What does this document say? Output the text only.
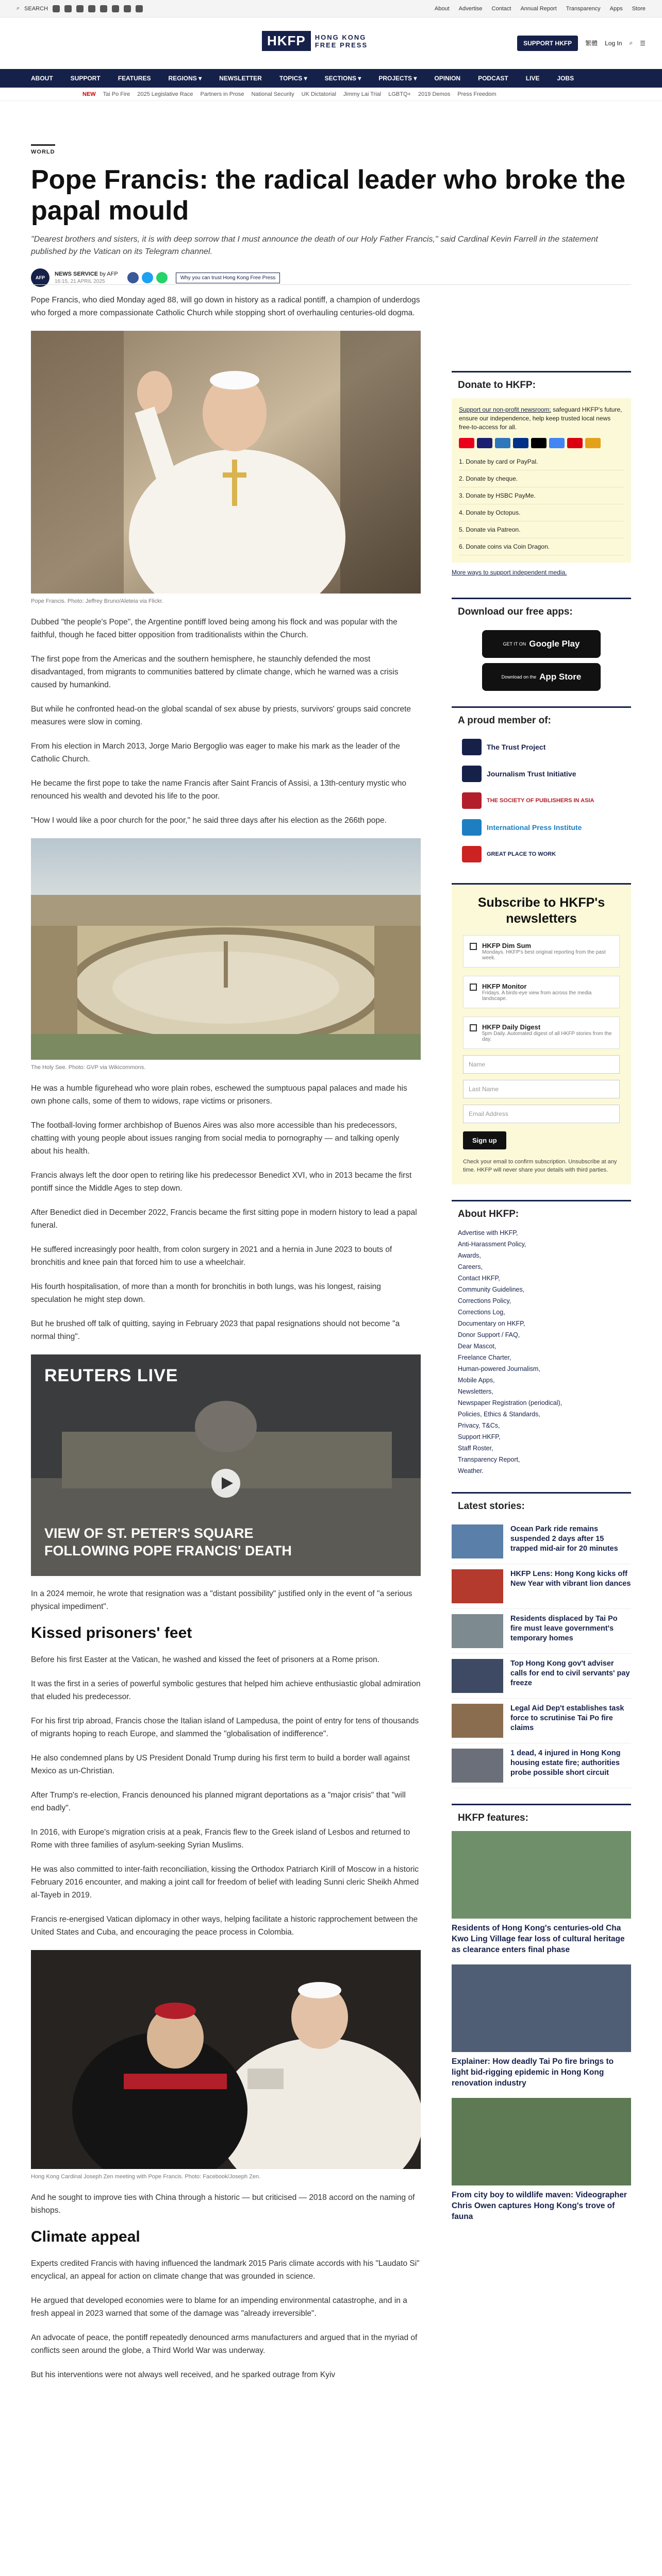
⌕ SEARCH	About Advertise Contact Annual Report Transparency Apps Store
HKFP	HONG KONG
FREE PRESS	SUPPORT HKFP	繁體 Log In ⌕ ☰
ABOUT	SUPPORT	FEATURES	REGIONS ▾	NEWSLETTER	TOPICS ▾	SECTIONS ▾	PROJECTS ▾	OPINION	PODCAST	LIVE	JOBS
NEW Tai Po Fire 2025 Legislative Race Partners in Prose National Security UK Dictatorial Jimmy Lai Trial LGBTQ+ 2019 Demos Press Freedom
WORLD
Pope Francis: the radical leader who broke the papal mould
"Dearest brothers and sisters, it is with deep sorrow that I must announce the death of our Holy Father Francis," said Cardinal Kevin Farrell in the statement published by the Vatican on its Telegram channel.
AFP
NEWS SERVICE by AFP
16:15, 21 APRIL 2025
Why you can trust Hong Kong Free Press

Pope Francis, who died Monday aged 88, will go down in history as a radical pontiff, a champion of underdogs who forged a more compassionate Catholic Church while stopping short of overhauling centuries-old dogma.

Pope Francis. Photo: Jeffrey Bruno/Aleteia via Flickr.

Dubbed "the people's Pope", the Argentine pontiff loved being among his flock and was popular with the faithful, though he faced bitter opposition from traditionalists within the Church.

The first pope from the Americas and the southern hemisphere, he staunchly defended the most disadvantaged, from migrants to communities battered by climate change, which he warned was a crisis caused by humankind.

But while he confronted head-on the global scandal of sex abuse by priests, survivors' groups said concrete measures were slow in coming.

From his election in March 2013, Jorge Mario Bergoglio was eager to make his mark as the leader of the Catholic Church.

He became the first pope to take the name Francis after Saint Francis of Assisi, a 13th-century mystic who renounced his wealth and devoted his life to the poor.

"How I would like a poor church for the poor," he said three days after his election as the 266th pope.

The Holy See. Photo: GVP via Wikicommons.

He was a humble figurehead who wore plain robes, eschewed the sumptuous papal palaces and made his own phone calls, some of them to widows, rape victims or prisoners.

The football-loving former archbishop of Buenos Aires was also more accessible than his predecessors, chatting with young people about issues ranging from social media to pornography — and talking openly about his health.

Francis always left the door open to retiring like his predecessor Benedict XVI, who in 2013 became the first pontiff since the Middle Ages to step down.

After Benedict died in December 2022, Francis became the first sitting pope in modern history to lead a papal funeral.

He suffered increasingly poor health, from colon surgery in 2021 and a hernia in June 2023 to bouts of bronchitis and knee pain that forced him to use a wheelchair.

His fourth hospitalisation, of more than a month for bronchitis in both lungs, was his longest, raising speculation he might step down.

But he brushed off talk of quitting, saying in February 2023 that papal resignations should not become "a normal thing".

REUTERS LIVE
VIEW OF ST. PETER'S SQUARE FOLLOWING POPE FRANCIS' DEATH

In a 2024 memoir, he wrote that resignation was a "distant possibility" justified only in the event of "a serious physical impediment".

Kissed prisoners' feet

Before his first Easter at the Vatican, he washed and kissed the feet of prisoners at a Rome prison.

It was the first in a series of powerful symbolic gestures that helped him achieve enthusiastic global admiration that eluded his predecessor.

For his first trip abroad, Francis chose the Italian island of Lampedusa, the point of entry for tens of thousands of migrants hoping to reach Europe, and slammed the "globalisation of indifference".

He also condemned plans by US President Donald Trump during his first term to build a border wall against Mexico as un-Christian.

After Trump's re-election, Francis denounced his planned migrant deportations as a "major crisis" that "will end badly".

In 2016, with Europe's migration crisis at a peak, Francis flew to the Greek island of Lesbos and returned to Rome with three families of asylum-seeking Syrian Muslims.

He was also committed to inter-faith reconciliation, kissing the Orthodox Patriarch Kirill of Moscow in a historic February 2016 encounter, and making a joint call for freedom of belief with leading Sunni cleric Sheikh Ahmed al-Tayeb in 2019.

Francis re-energised Vatican diplomacy in other ways, helping facilitate a historic rapprochement between the United States and Cuba, and encouraging the peace process in Colombia.

Hong Kong Cardinal Joseph Zen meeting with Pope Francis. Photo: Facebook/Joseph Zen.

And he sought to improve ties with China through a historic — but criticised — 2018 accord on the naming of bishops.

Climate appeal

Experts credited Francis with having influenced the landmark 2015 Paris climate accords with his "Laudato Si" encyclical, an appeal for action on climate change that was grounded in science.

He argued that developed economies were to blame for an impending environmental catastrophe, and in a fresh appeal in 2023 warned that some of the damage was "already irreversible".

An advocate of peace, the pontiff repeatedly denounced arms manufacturers and argued that in the myriad of conflicts seen around the globe, a Third World War was underway.

But his interventions were not always well received, and he sparked outrage from Kyiv

Donate to HKFP:

Support our non-profit newsroom: safeguard HKFP's future, ensure our independence, help keep trusted local news free-to-access for all.

1. Donate by card or PayPal.
2. Donate by cheque.
3. Donate by HSBC PayMe.
4. Donate by Octopus.
5. Donate via Patreon.
6. Donate coins via Coin Dragon.

More ways to support independent media.

Download our free apps:
GET IT ON Google Play
Download on the App Store
A proud member of:
The Trust Project
Journalism Trust Initiative
THE SOCIETY OF PUBLISHERS IN ASIA
International Press Institute
GREAT PLACE TO WORK
Subscribe to HKFP's newsletters
HKFP Dim Sum
Mondays. HKFP's best original reporting from the past week.
HKFP Monitor
Fridays. A birds-eye view from across the media landscape.
HKFP Daily Digest
5pm Daily. Automated digest of all HKFP stories from the day.
Name
Last Name
Email Address
Sign up

Check your email to confirm subscription. Unsubscribe at any time. HKFP will never share your details with third parties.

About HKFP:
Advertise with HKFP,
Anti-Harassment Policy,
Awards,
Careers,
Contact HKFP,
Community Guidelines,
Corrections Policy,
Corrections Log,
Documentary on HKFP,
Donor Support / FAQ,
Dear Mascot,
Freelance Charter,
Human-powered Journalism,
Mobile Apps,
Newsletters,
Newspaper Registration (periodical),
Policies, Ethics & Standards,
Privacy, T&Cs,
Support HKFP,
Staff Roster,
Transparency Report,
Weather.
Latest stories:
Ocean Park ride remains suspended 2 days after 15 trapped mid-air for 20 minutes
HKFP Lens: Hong Kong kicks off New Year with vibrant lion dances
Residents displaced by Tai Po fire must leave government's temporary homes
Top Hong Kong gov't adviser calls for end to civil servants' pay freeze
Legal Aid Dep't establishes task force to scrutinise Tai Po fire claims
1 dead, 4 injured in Hong Kong housing estate fire; authorities probe possible short circuit
HKFP features:
Residents of Hong Kong's centuries-old Cha Kwo Ling Village fear loss of cultural heritage as clearance enters final phase
Explainer: How deadly Tai Po fire brings to light bid-rigging epidemic in Hong Kong renovation industry
From city boy to wildlife maven: Videographer Chris Owen captures Hong Kong's trove of fauna
